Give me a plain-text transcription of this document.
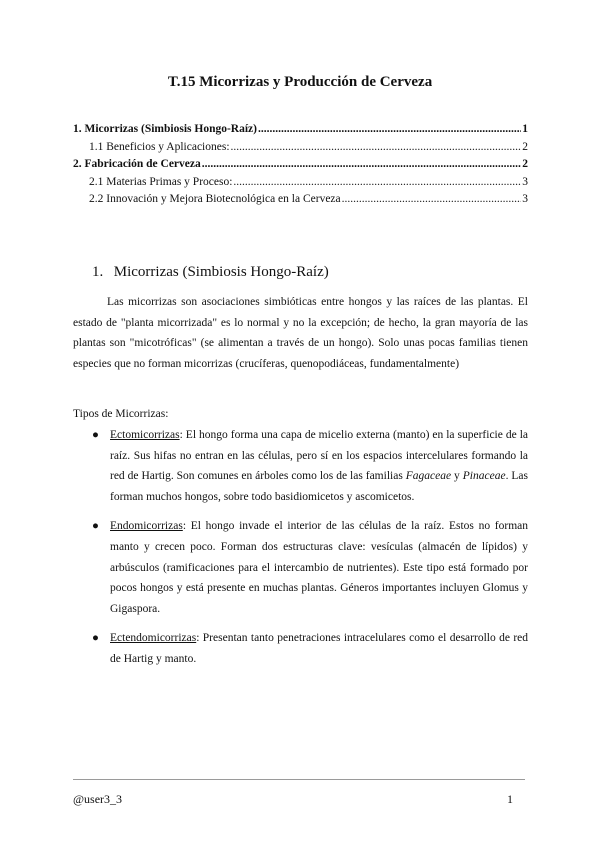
T.15 Micorrizas y Producción de Cerveza
1. Micorrizas (Simbiosis Hongo-Raíz) .....	1
1.1 Beneficios y Aplicaciones: .....	2
2. Fabricación de Cerveza .....	2
2.1 Materias Primas y Proceso: .....	3
2.2 Innovación y Mejora Biotecnológica en la Cerveza .....	3
1. Micorrizas (Simbiosis Hongo-Raíz)
Las micorrizas son asociaciones simbióticas entre hongos y las raíces de las plantas. El estado de "planta micorrizada" es lo normal y no la excepción; de hecho, la gran mayoría de las plantas son "micotróficas" (se alimentan a través de un hongo). Solo unas pocas familias tienen especies que no forman micorrizas (crucíferas, quenopodiáceas, fundamentalmente)
Tipos de Micorrizas:
● Ectomicorrizas: El hongo forma una capa de micelio externa (manto) en la superficie de la raíz. Sus hifas no entran en las células, pero sí en los espacios intercelulares formando la red de Hartig. Son comunes en árboles como los de las familias Fagaceae y Pinaceae. Las forman muchos hongos, sobre todo basidiomicetos y ascomicetos.
● Endomicorrizas: El hongo invade el interior de las células de la raíz. Estos no forman manto y crecen poco. Forman dos estructuras clave: vesículas (almacén de lípidos) y arbúsculos (ramificaciones para el intercambio de nutrientes). Este tipo está formado por pocos hongos y está presente en muchas plantas. Géneros importantes incluyen Glomus y Gigaspora.
● Ectendomicorrizas: Presentan tanto penetraciones intracelulares como el desarrollo de red de Hartig y manto.
@user3_3	1
